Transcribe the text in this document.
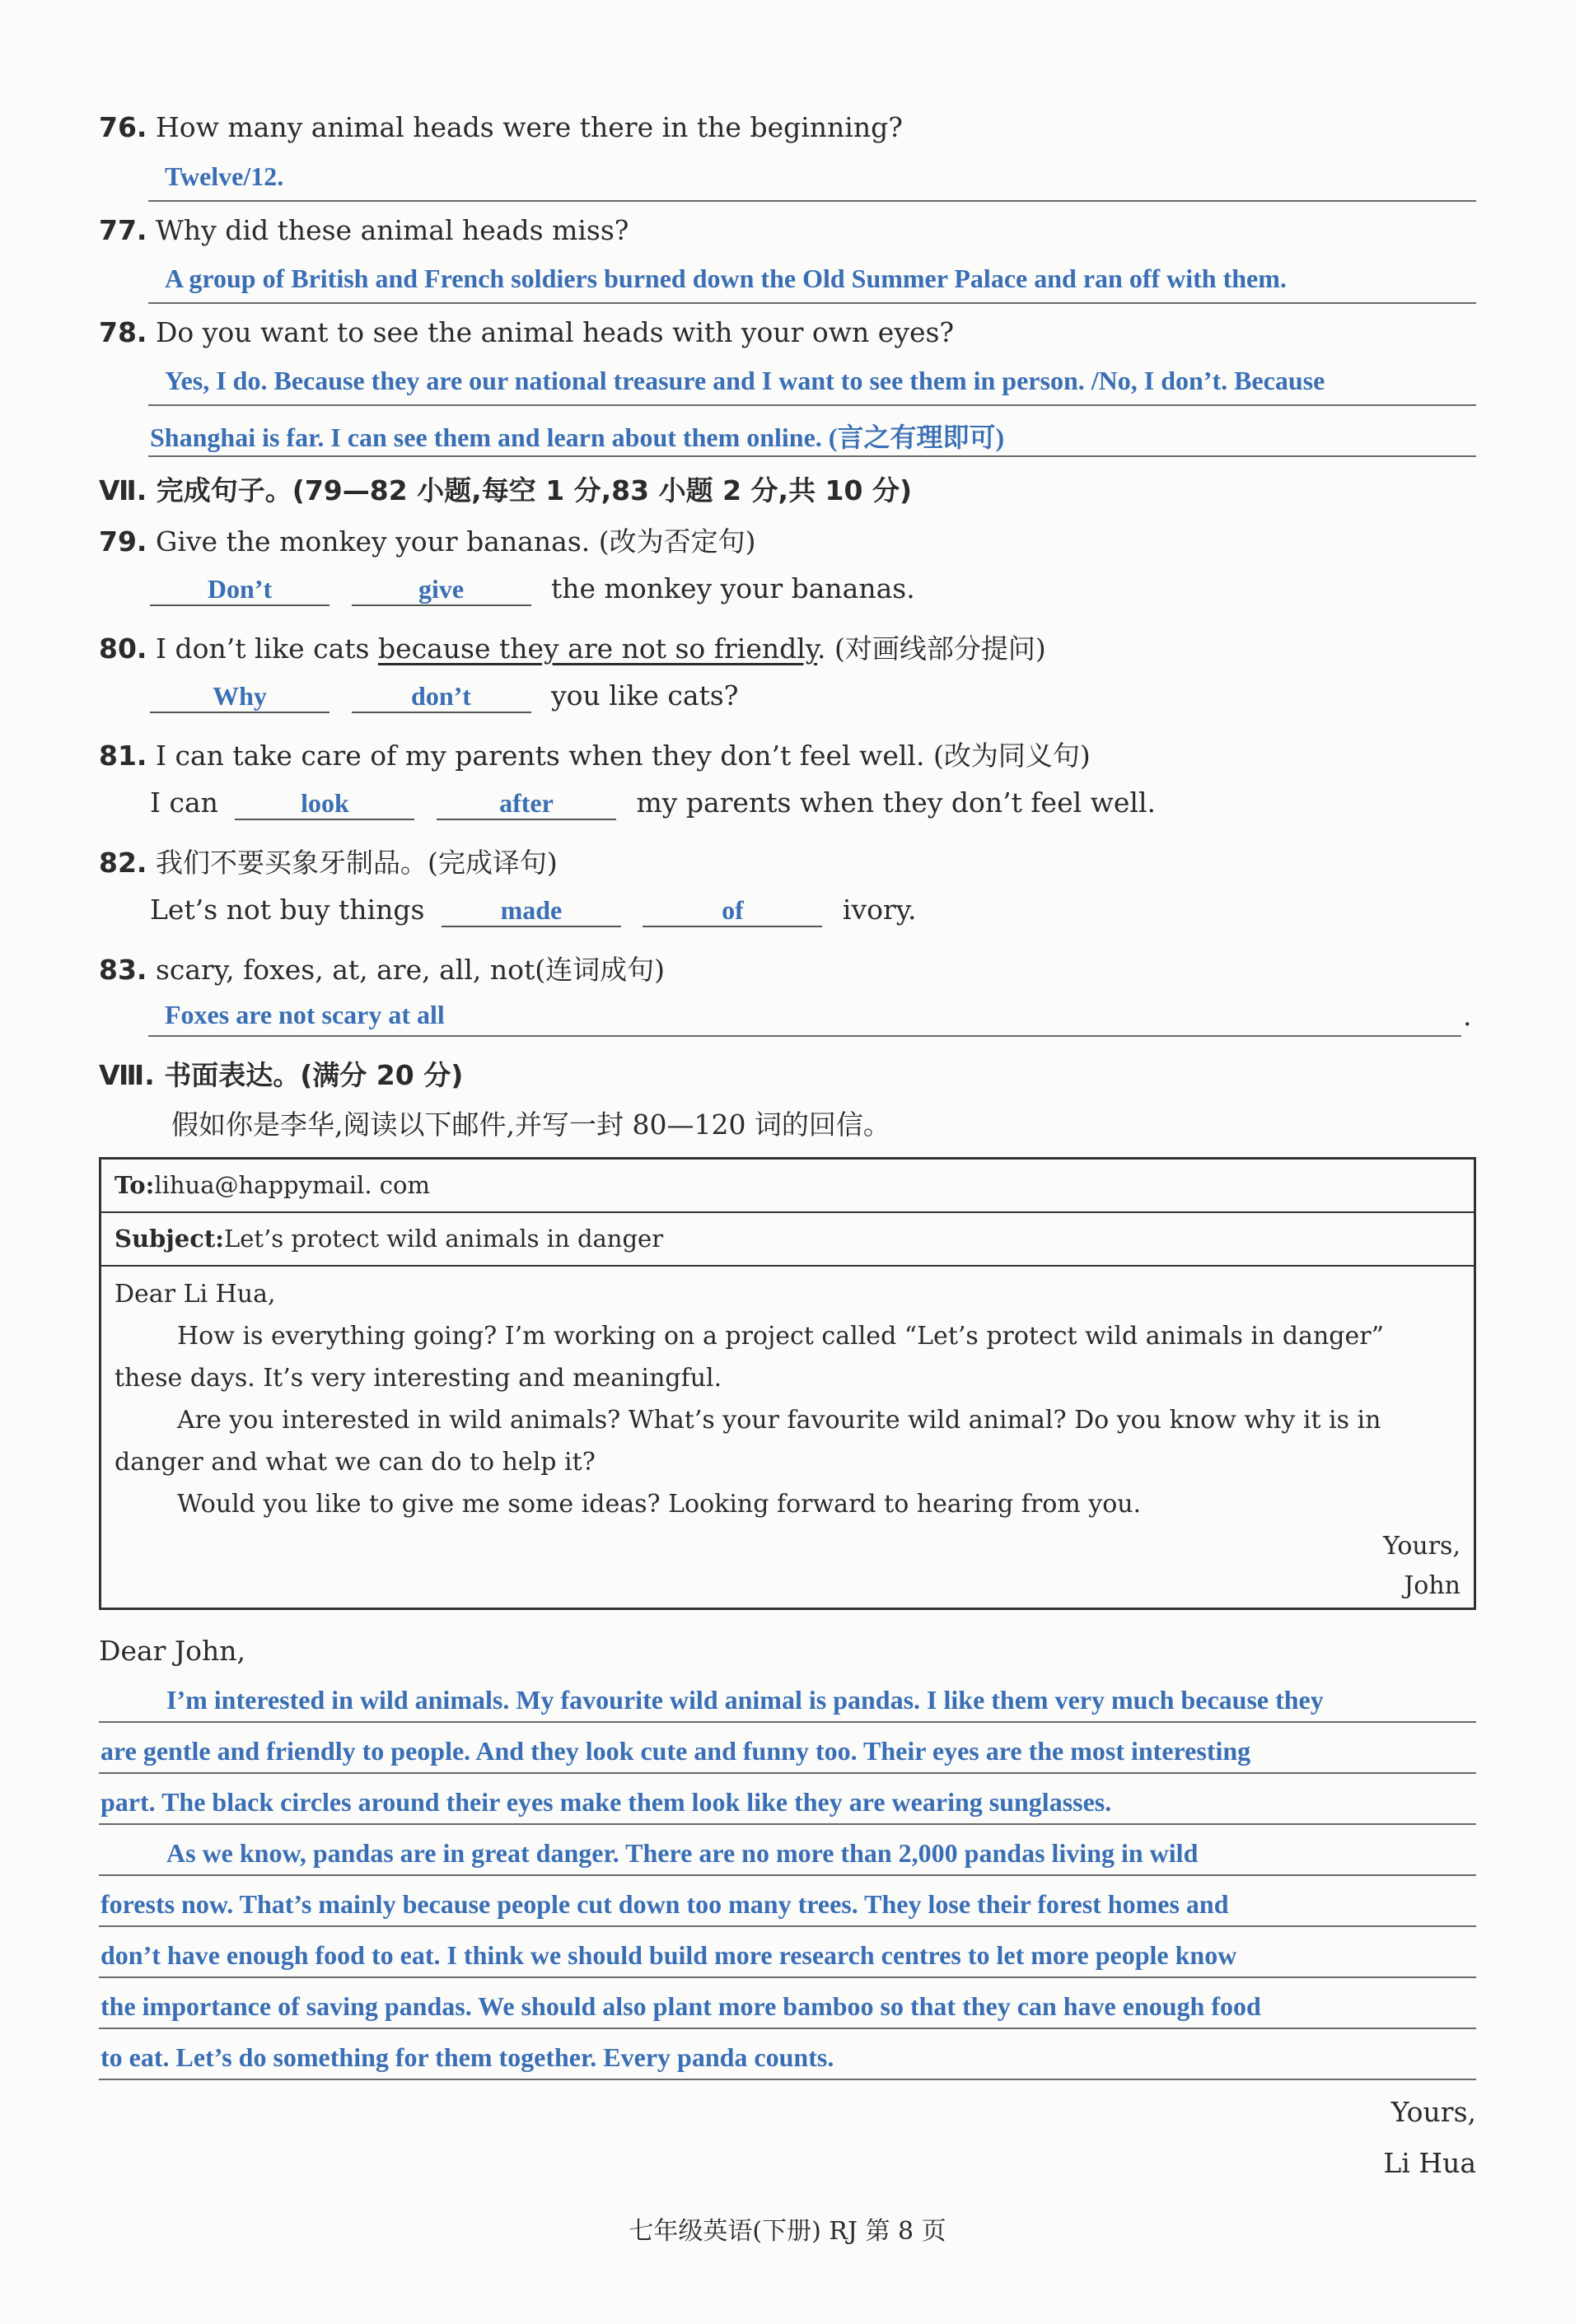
76. How many animal heads were there in the beginning?
Twelve/12.
77. Why did these animal heads miss?
A group of British and French soldiers burned down the Old Summer Palace and ran off with them.
78. Do you want to see the animal heads with your own eyes?
Yes, I do. Because they are our national treasure and I want to see them in person. /No, I don’t. Because
Shanghai is far. I can see them and learn about them online. (言之有理即可)
Ⅶ. 完成句子。(79—82 小题,每空 1 分,83 小题 2 分,共 10 分)
79. Give the monkey your bananas. (改为否定句)
Don’t	give	the monkey your bananas.
80. I don’t like cats because they are not so friendly. (对画线部分提问)
Why	don’t	you like cats?
81. I can take care of my parents when they don’t feel well. (改为同义句)
I can	look	after	my parents when they don’t feel well.
82. 我们不要买象牙制品。(完成译句)
Let’s not buy things	made	of	ivory.
83. scary, foxes, at, are, all, not(连词成句)
Foxes are not scary at all	.
Ⅷ. 书面表达。(满分 20 分)
假如你是李华,阅读以下邮件,并写一封 80—120 词的回信。
To:lihua@happymail. com
Subject:Let’s protect wild animals in danger
Dear Li Hua,
How is everything going? I’m working on a project called “Let’s protect wild animals in danger”
these days. It’s very interesting and meaningful.
Are you interested in wild animals? What’s your favourite wild animal? Do you know why it is in
danger and what we can do to help it?
Would you like to give me some ideas? Looking forward to hearing from you.
Yours,
John
Dear John,
I’m interested in wild animals. My favourite wild animal is pandas. I like them very much because they
are gentle and friendly to people. And they look cute and funny too. Their eyes are the most interesting
part. The black circles around their eyes make them look like they are wearing sunglasses.
As we know, pandas are in great danger. There are no more than 2,000 pandas living in wild
forests now. That’s mainly because people cut down too many trees. They lose their forest homes and
don’t have enough food to eat. I think we should build more research centres to let more people know
the importance of saving pandas. We should also plant more bamboo so that they can have enough food
to eat. Let’s do something for them together. Every panda counts.
Yours,
Li Hua
七年级英语(下册) RJ 第 8 页
